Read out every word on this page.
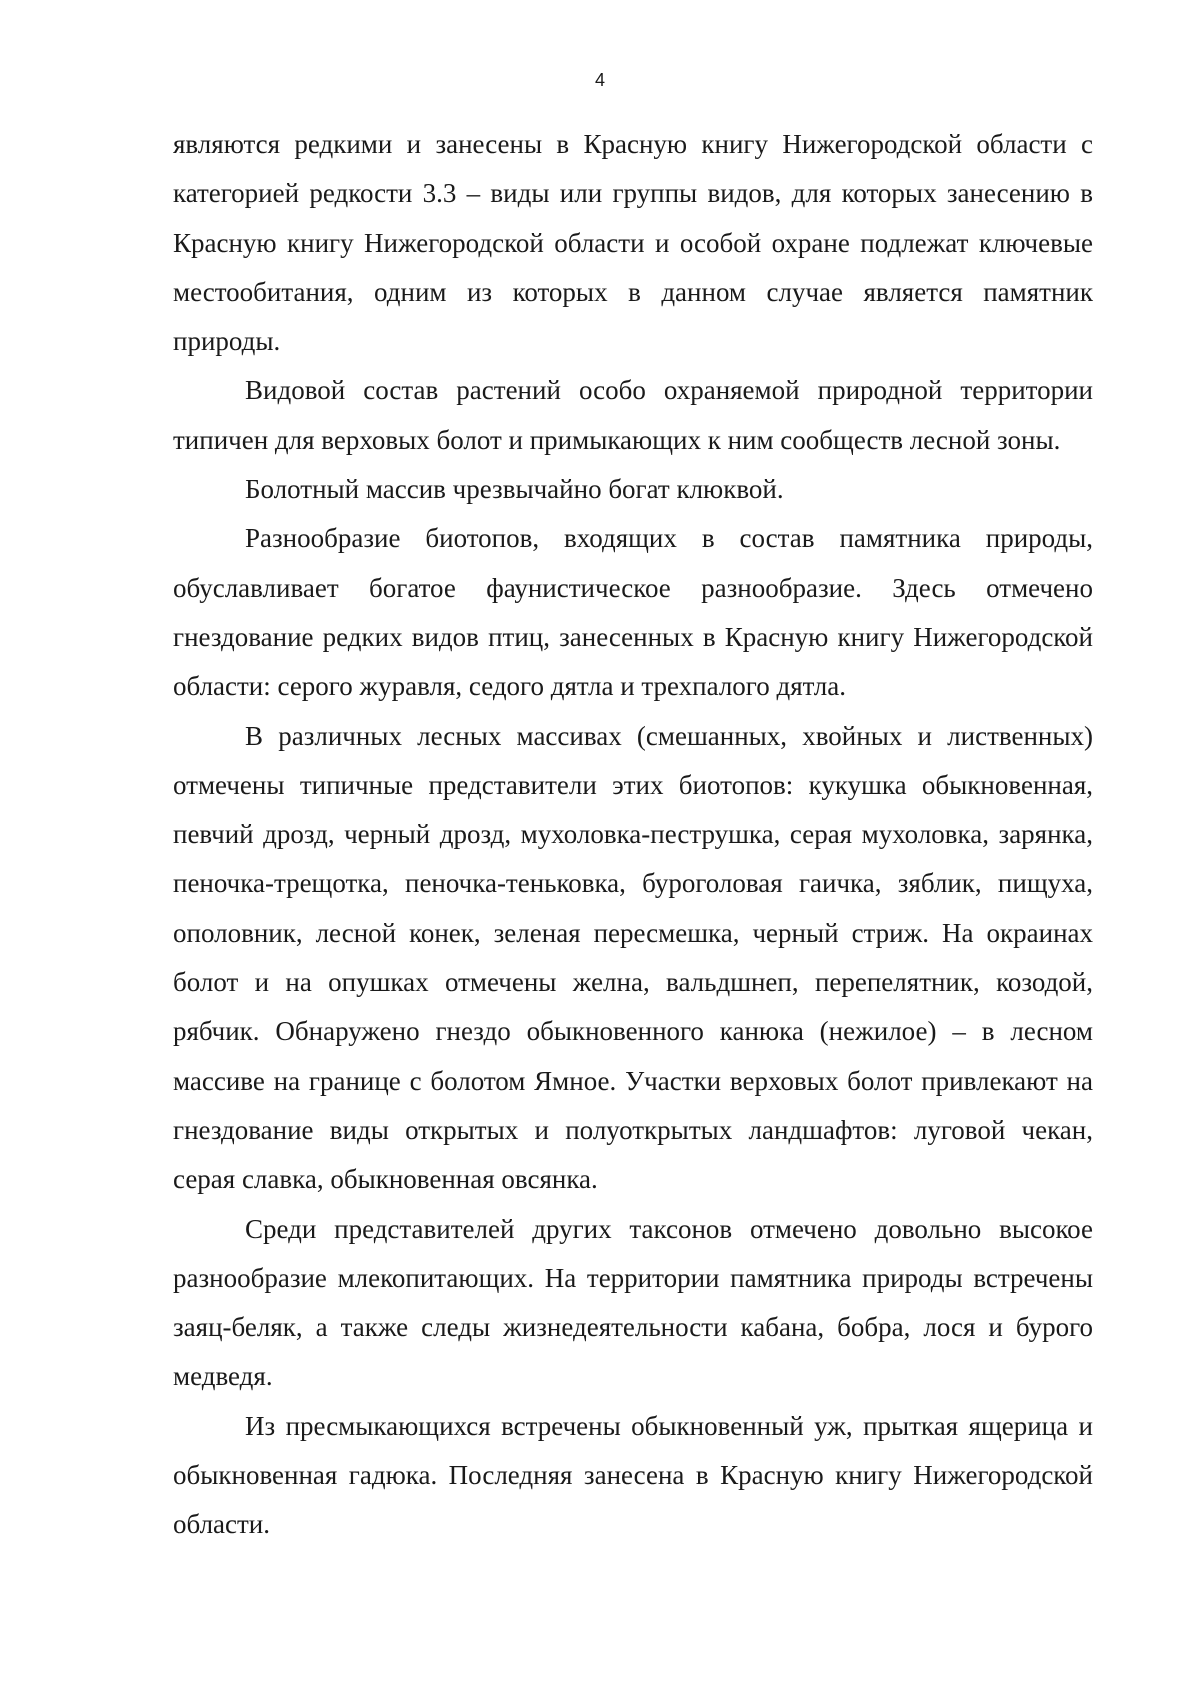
4

являются редкими и занесены в Красную книгу Нижегородской области с категорией редкости 3.3 – виды или группы видов, для которых занесению в Красную книгу Нижегородской области и особой охране подлежат ключевые местообитания, одним из которых в данном случае является памятник природы.

Видовой состав растений особо охраняемой природной территории типичен для верховых болот и примыкающих к ним сообществ лесной зоны.

Болотный массив чрезвычайно богат клюквой.

Разнообразие биотопов, входящих в состав памятника природы, обуславливает богатое фаунистическое разнообразие. Здесь отмечено гнездование редких видов птиц, занесенных в Красную книгу Нижегородской области: серого журавля, седого дятла и трехпалого дятла.

В различных лесных массивах (смешанных, хвойных и лиственных) отмечены типичные представители этих биотопов: кукушка обыкновенная, певчий дрозд, черный дрозд, мухоловка-пеструшка, серая мухоловка, зарянка, пеночка-трещотка, пеночка-теньковка, буроголовая гаичка, зяблик, пищуха, ополовник, лесной конек, зеленая пересмешка, черный стриж. На окраинах болот и на опушках отмечены желна, вальдшнеп, перепелятник, козодой, рябчик. Обнаружено гнездо обыкновенного канюка (нежилое) – в лесном массиве на границе с болотом Ямное. Участки верховых болот привлекают на гнездование виды открытых и полуоткрытых ландшафтов: луговой чекан, серая славка, обыкновенная овсянка.

Среди представителей других таксонов отмечено довольно высокое разнообразие млекопитающих. На территории памятника природы встречены заяц-беляк, а также следы жизнедеятельности кабана, бобра, лося и бурого медведя.

Из пресмыкающихся встречены обыкновенный уж, прыткая ящерица и обыкновенная гадюка. Последняя занесена в Красную книгу Нижегородской области.
